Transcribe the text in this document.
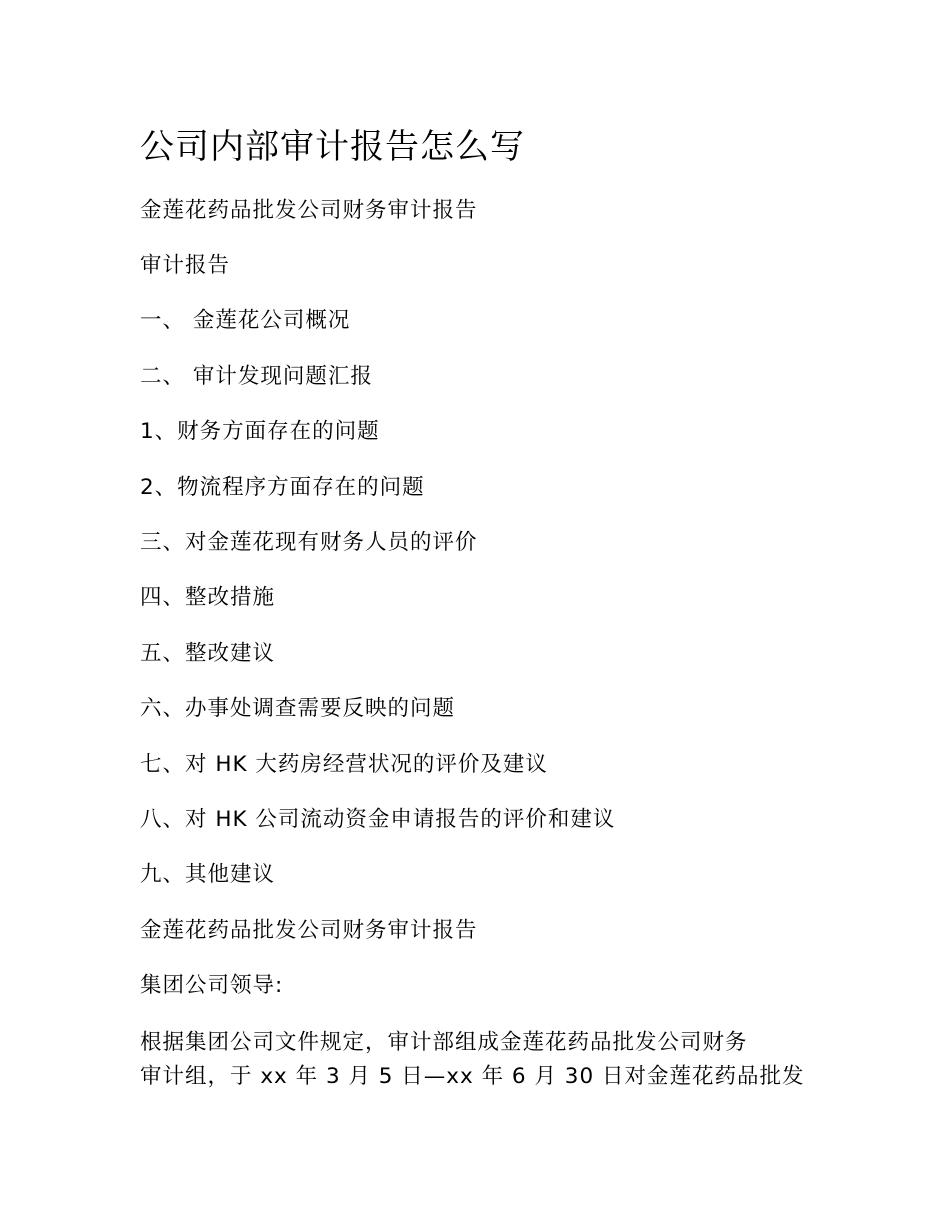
公司内部审计报告怎么写
金莲花药品批发公司财务审计报告
审计报告
一、 金莲花公司概况
二、 审计发现问题汇报
1、财务方面存在的问题
2、物流程序方面存在的问题
三、对金莲花现有财务人员的评价
四、整改措施
五、整改建议
六、办事处调查需要反映的问题
七、对 HK 大药房经营状况的评价及建议
八、对 HK 公司流动资金申请报告的评价和建议
九、其他建议
金莲花药品批发公司财务审计报告
集团公司领导:
根据集团公司文件规定，审计部组成金莲花药品批发公司财务
审计组，于 xx 年 3 月 5 日—xx 年 6 月 30 日对金莲花药品批发
